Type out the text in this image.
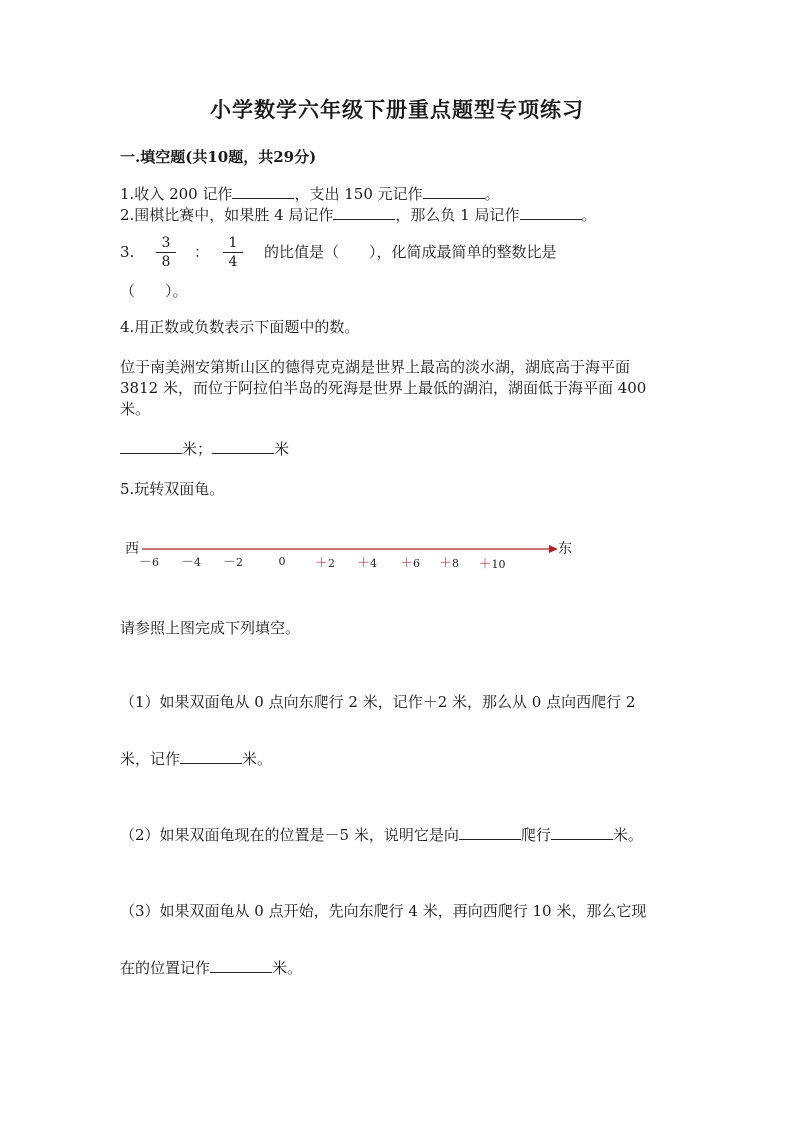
小学数学六年级下册重点题型专项练习
一.填空题(共10题，共29分)
1.收入 200 记作	，支出 150 元记作	。
2.围棋比赛中，如果胜 4 局记作	，那么负 1 局记作	。
3.	3
8
：	1
4
的比值是（　　），化简成最简单的整数比是
（　　）。
4.用正数或负数表示下面题中的数。
位于南美洲安第斯山区的德得克克湖是世界上最高的淡水湖，湖底高于海平面
3812 米，而位于阿拉伯半岛的死海是世界上最低的湖泊，湖面低于海平面 400
米。
米；	米
5.玩转双面龟。
西	东
－6 －4 －2	0 ＋2 ＋4 ＋6 ＋8 ＋10
请参照上图完成下列填空。
（1）如果双面龟从 0 点向东爬行 2 米，记作＋2 米，那么从 0 点向西爬行 2
米，记作	米。
（2）如果双面龟现在的位置是－5 米，说明它是向	爬行	米。
（3）如果双面龟从 0 点开始，先向东爬行 4 米，再向西爬行 10 米，那么它现
在的位置记作	米。
